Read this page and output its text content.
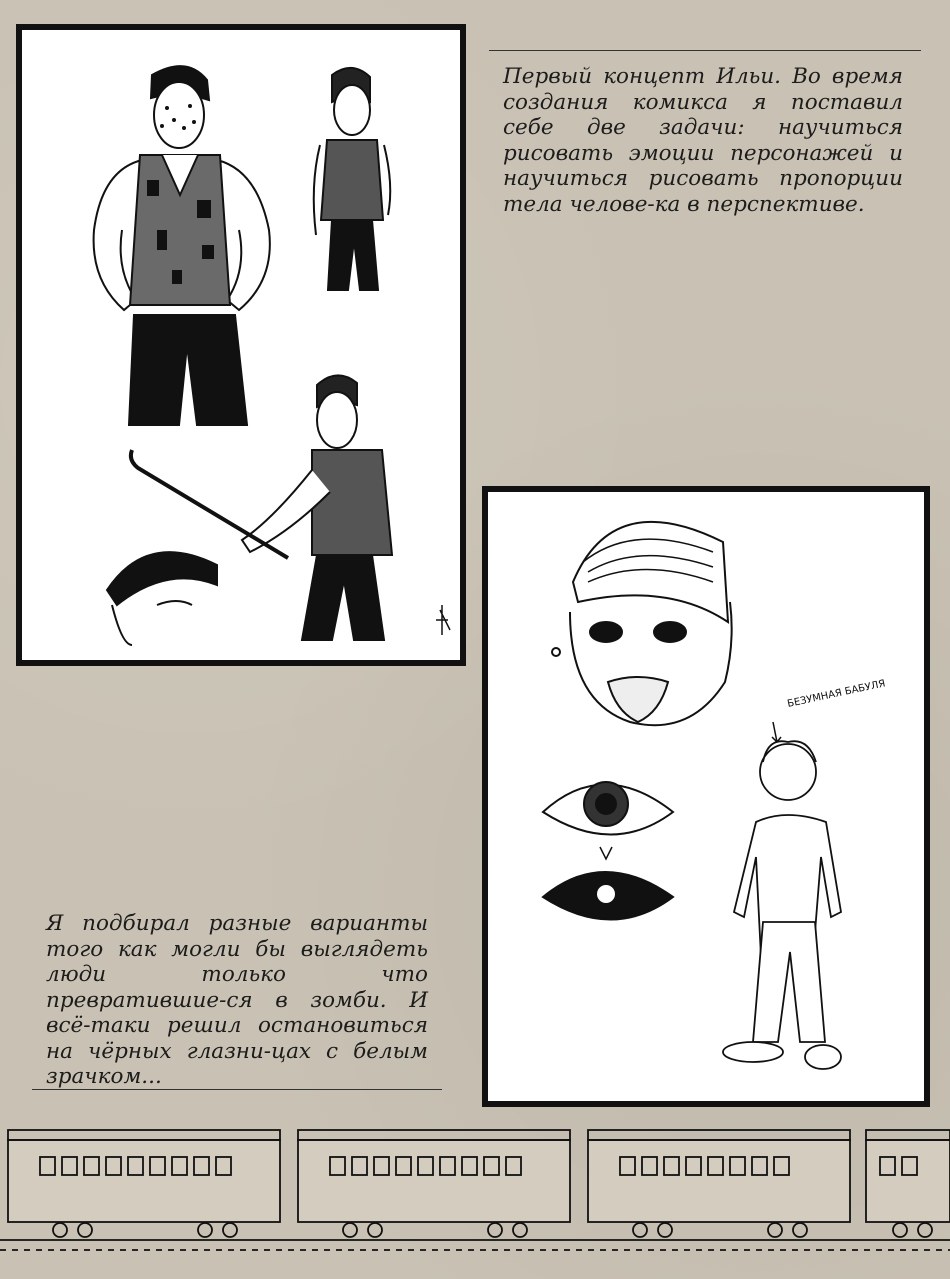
Первый концепт Ильи. Во время создания комикса я поставил себе две задачи: научиться рисовать эмоции персонажей и научиться рисовать пропорции тела челове-ка в перспективе.

БЕЗУМНАЯ БАБУЛЯ

Я подбирал разные варианты того как могли бы выглядеть люди только что превратившие-ся в зомби. И всё-таки решил остановиться на чёрных глазни-цах с белым зрачком...
